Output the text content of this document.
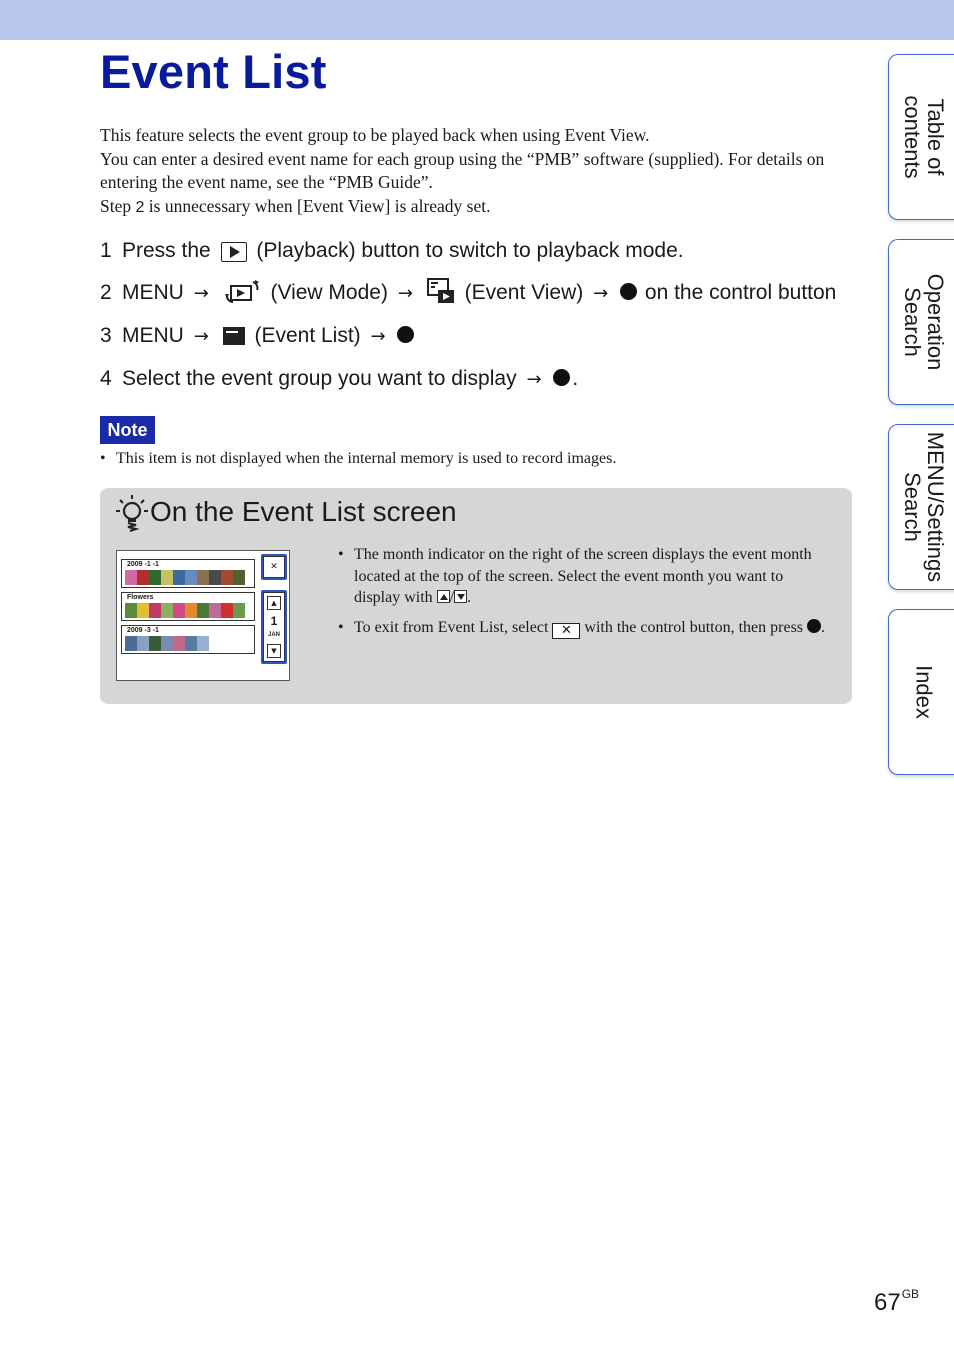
Event List

This feature selects the event group to be played back when using Event View.

You can enter a desired event name for each group using the “PMB” software (supplied). For details on entering the event name, see the “PMB Guide”.

Step 2 is unnecessary when [Event View] is already set.

1 Press the (Playback) button to switch to playback mode.
2 MENU →	(View Mode) → (Event View) → on the control button
3 MENU → (Event List) →
4 Select the event group you want to display → .
Note
• This item is not displayed when the internal memory is used to record images.
On the Event List screen
2009 -1 -1
Flowers
2009 -3 -1
✕
▲
1
JAN
▼
• The month indicator on the right of the screen displays the event month located at the top of the screen. Select the event month you want to display with / .
• To exit from Event List, select ✕ with the control button, then press .
Table of
contents
Operation
Search
MENU/Settings
Search
Index
$67^{GB}$
